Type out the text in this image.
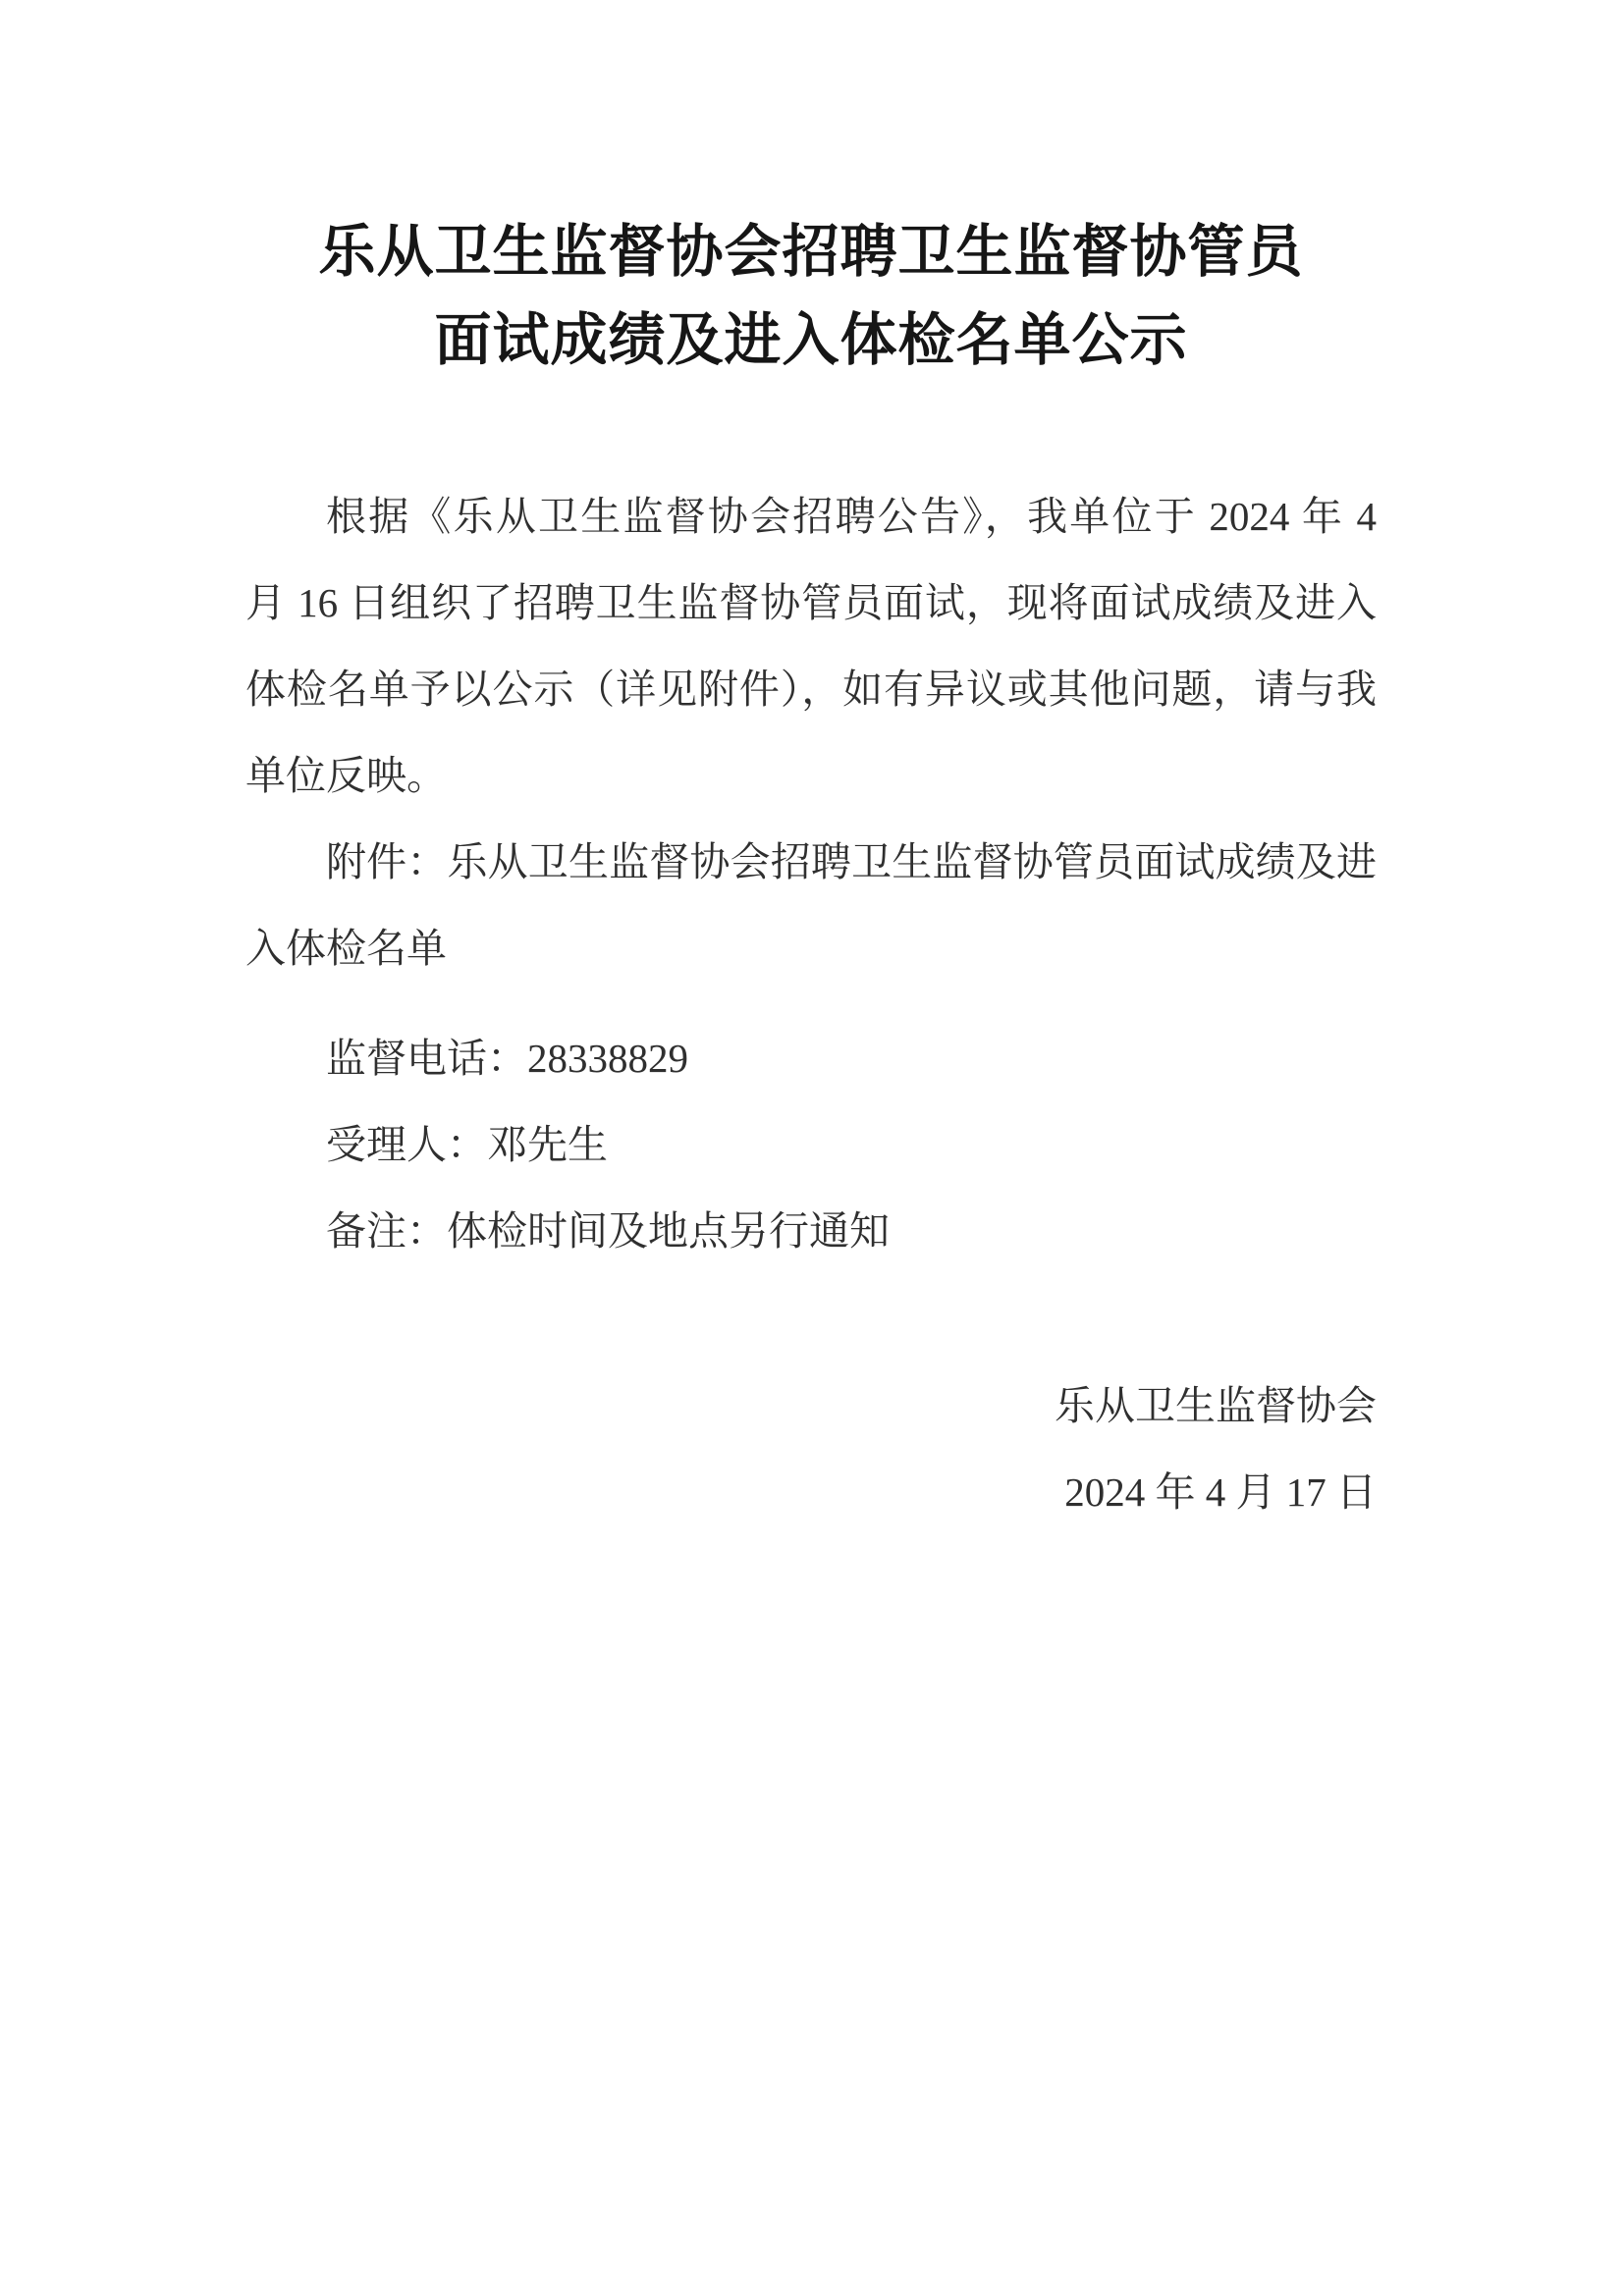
乐从卫生监督协会招聘卫生监督协管员
面试成绩及进入体检名单公示

根据《乐从卫生监督协会招聘公告》，我单位于 2024 年 4

月 16 日组织了招聘卫生监督协管员面试，现将面试成绩及进入

体检名单予以公示（详见附件），如有异议或其他问题，请与我

单位反映。

附件：乐从卫生监督协会招聘卫生监督协管员面试成绩及进

入体检名单

监督电话：28338829

受理人：邓先生

备注：体检时间及地点另行通知

乐从卫生监督协会

2024 年 4 月 17 日
